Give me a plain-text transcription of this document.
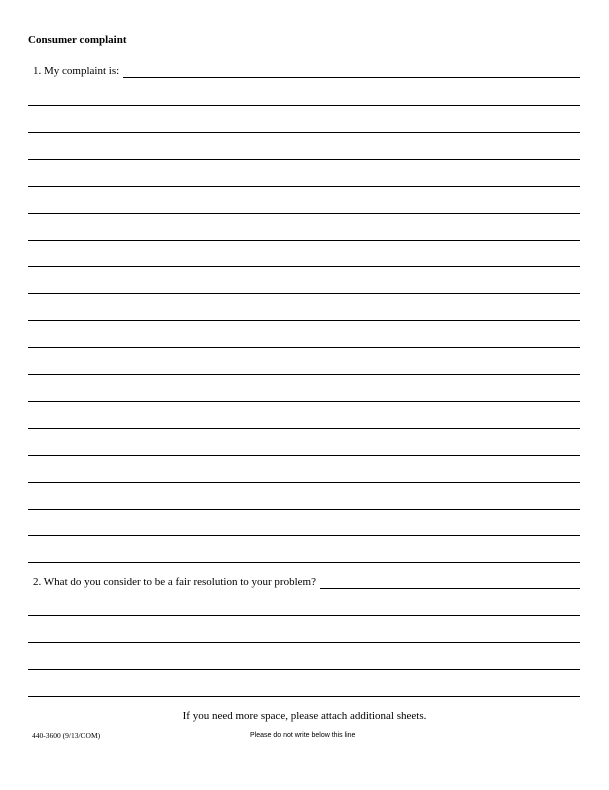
Consumer complaint
1. My complaint is:
2. What do you consider to be a fair resolution to your problem?
If you need more space, please attach additional sheets.
440-3600 (9/13/COM)	Please do not write below this line
